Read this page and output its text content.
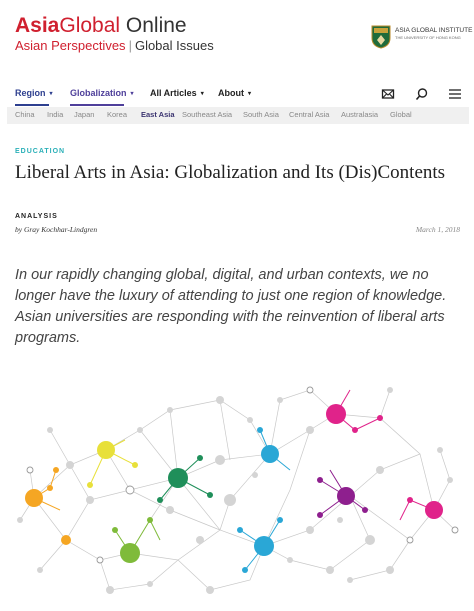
AsiaGlobal Online
Asian Perspectives | Global Issues
ASIA GLOBAL INSTITUTE
THE UNIVERSITY OF HONG KONG
Region ▾ Globalization ▾ All Articles ▾ About ▾
China India Japan Korea East Asia Southeast Asia South Asia Central Asia Australasia Global
EDUCATION
Liberal Arts in Asia: Globalization and Its (Dis)Contents
ANALYSIS
by Gray Kochhar-Lindgren	March 1, 2018
In our rapidly changing global, digital, and urban contexts, we no longer have the luxury of attending to just one region of knowledge. Asian universities are responding with the reinvention of liberal arts programs.
